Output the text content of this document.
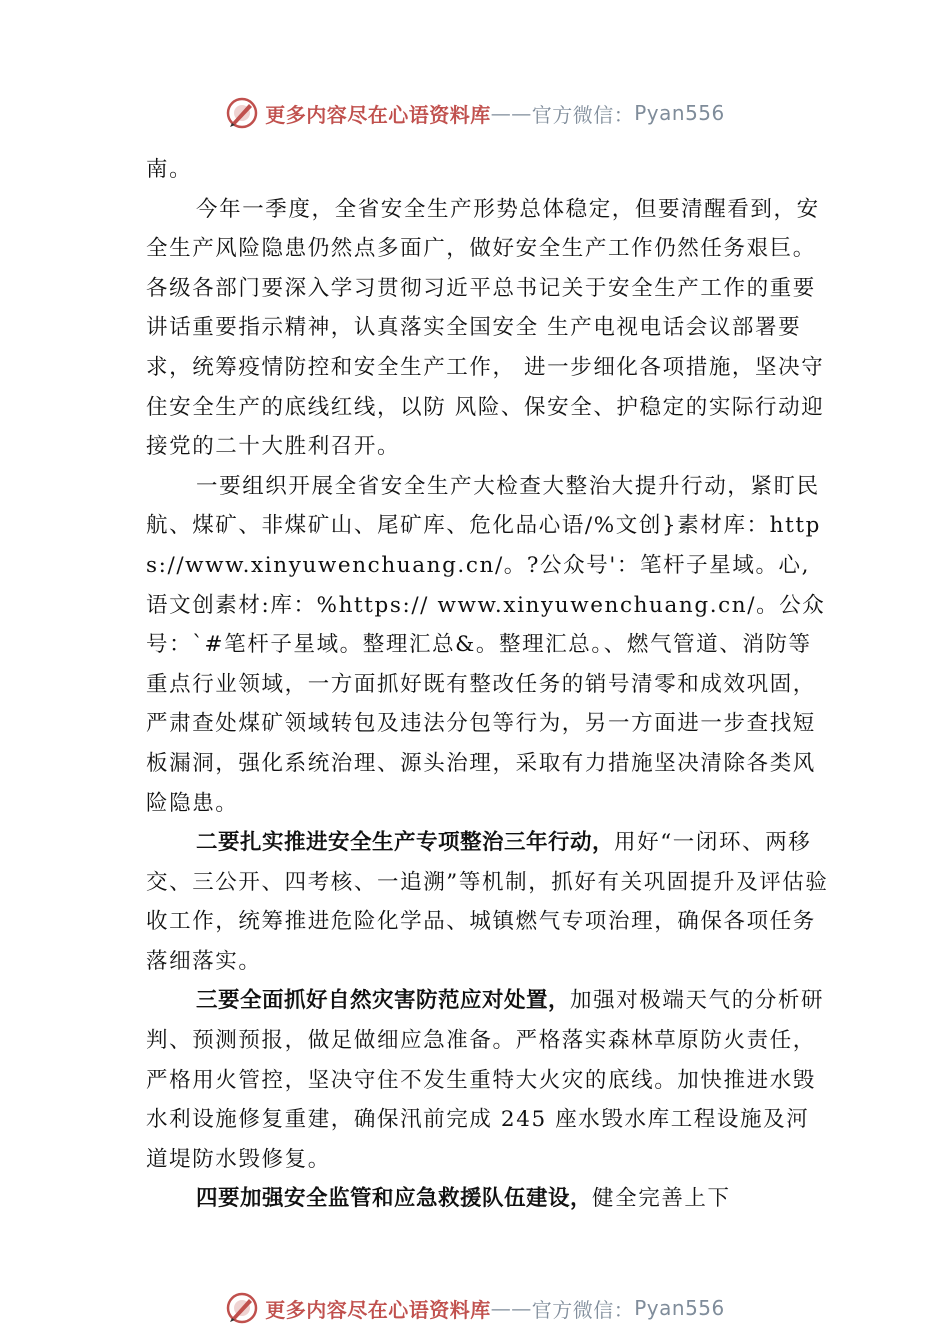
更多内容尽在心语资料库 —— 官方微信： Pyan556

南。

今年一季度，全省安全生产形势总体稳定，但要清醒看到，安全生产风险隐患仍然点多面广，做好安全生产工作仍然任务艰巨。各级各部门要深入学习贯彻习近平总书记关于安全生产工作的重要讲话重要指示精神，认真落实全国安全 生产电视电话会议部署要求，统筹疫情防控和安全生产工作， 进一步细化各项措施，坚决守住安全生产的底线红线，以防 风险、保安全、护稳定的实际行动迎接党的二十大胜利召开。

一要组织开展全省安全生产大检查大整治大提升行动，紧盯民航、煤矿、非煤矿山、尾矿库、危化品心语/%文创}素材库：https://www.xinyuwenchuang.cn/。?公众号'：笔杆子星域。心,语文创素材:库：%https:// www.xinyuwenchuang.cn/。公众号：`#笔杆子星域。整理汇总&。整理汇总。、燃气管道、消防等重点行业领域，一方面抓好既有整改任务的销号清零和成效巩固，严肃查处煤矿领域转包及违法分包等行为，另一方面进一步查找短板漏洞，强化系统治理、源头治理，采取有力措施坚决清除各类风险隐患。

二要扎实推进安全生产专项整治三年行动，用好“一闭环、两移交、三公开、四考核、一追溯”等机制，抓好有关巩固提升及评估验收工作，统筹推进危险化学品、城镇燃气专项治理，确保各项任务落细落实。

三要全面抓好自然灾害防范应对处置，加强对极端天气的分析研判、预测预报，做足做细应急准备。严格落实森林草原防火责任，严格用火管控，坚决守住不发生重特大火灾的底线。加快推进水毁水利设施修复重建，确保汛前完成 245 座水毁水库工程设施及河道堤防水毁修复。

四要加强安全监管和应急救援队伍建设，健全完善上下

更多内容尽在心语资料库 —— 官方微信： Pyan556
